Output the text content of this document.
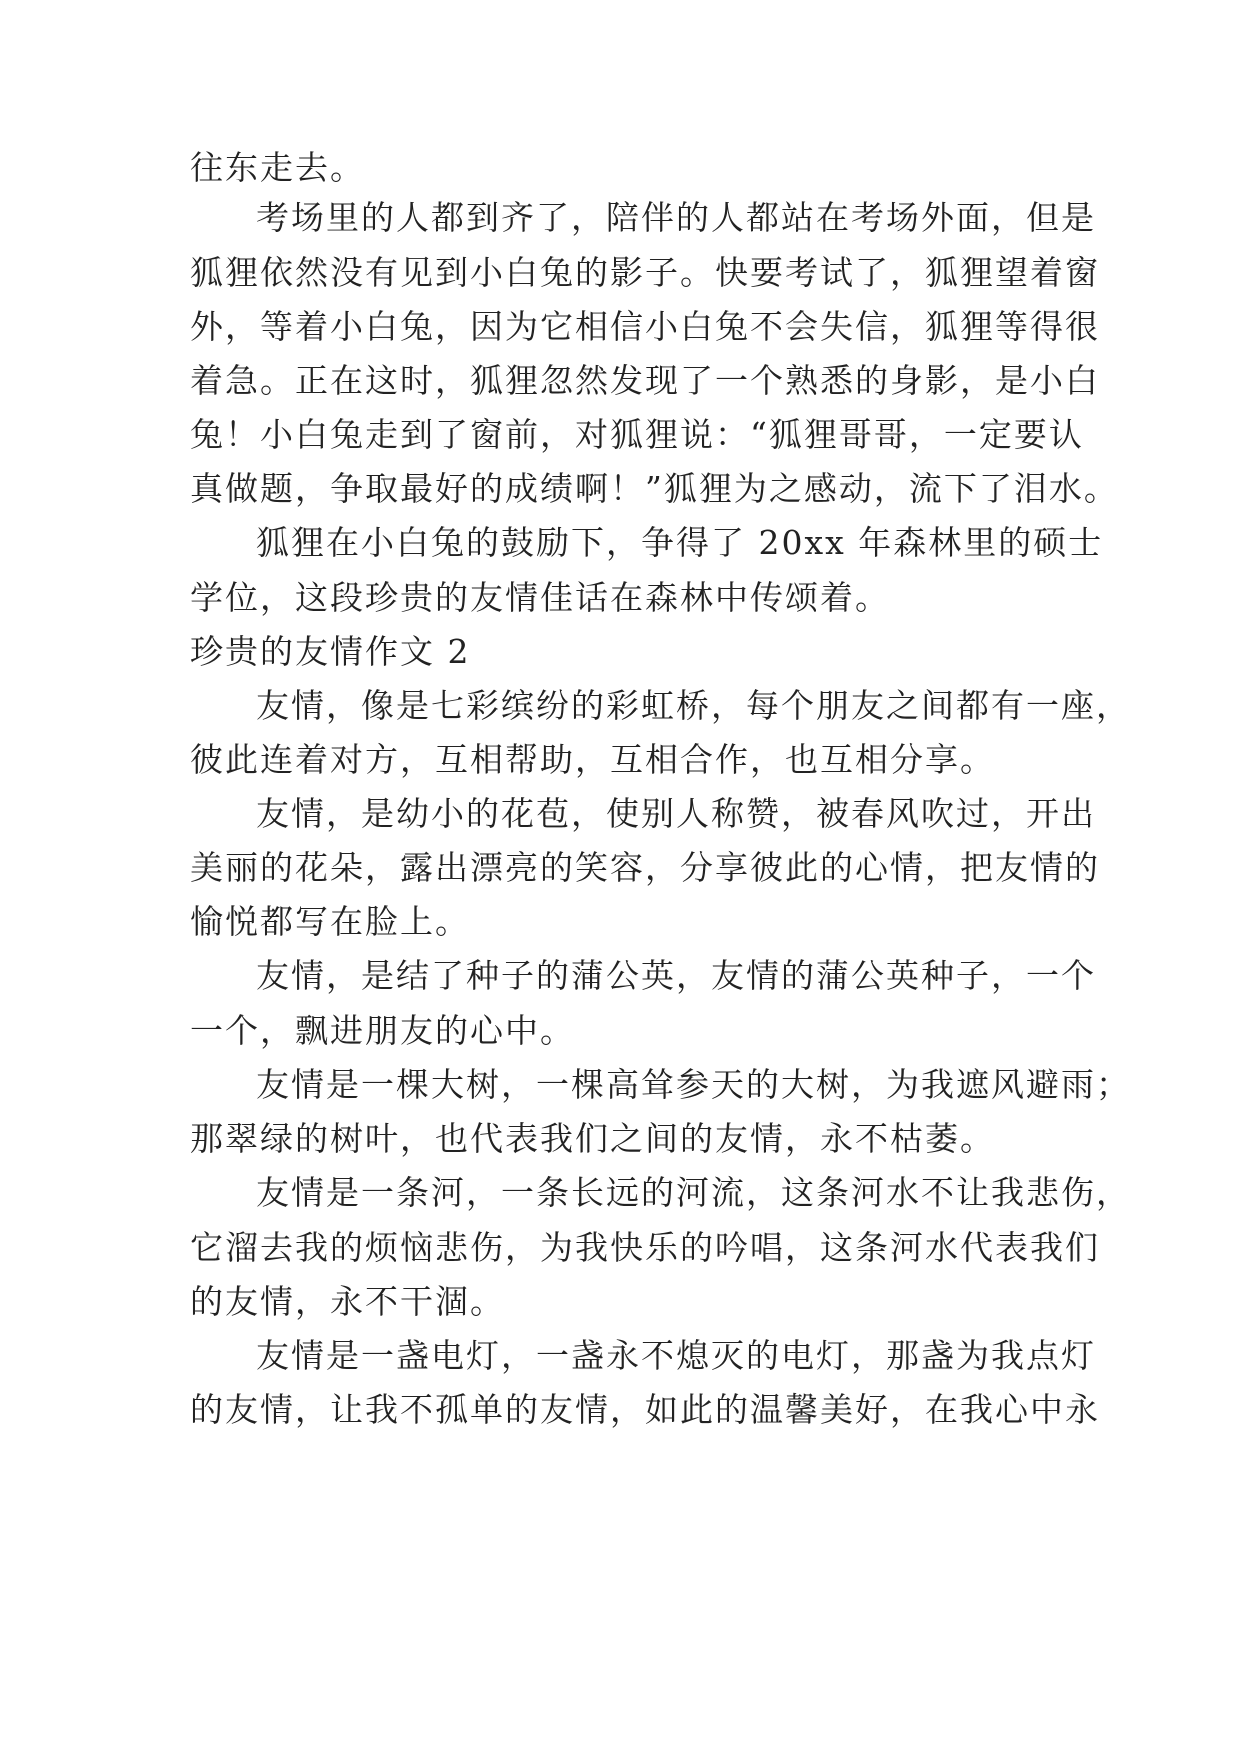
往东走去。
考场里的人都到齐了，陪伴的人都站在考场外面，但是
狐狸依然没有见到小白兔的影子。快要考试了，狐狸望着窗
外，等着小白兔，因为它相信小白兔不会失信，狐狸等得很
着急。正在这时，狐狸忽然发现了一个熟悉的身影，是小白
兔！小白兔走到了窗前，对狐狸说：“狐狸哥哥，一定要认
真做题，争取最好的成绩啊！”狐狸为之感动，流下了泪水。
狐狸在小白兔的鼓励下，争得了 20xx 年森林里的硕士
学位，这段珍贵的友情佳话在森林中传颂着。
珍贵的友情作文 2
友情，像是七彩缤纷的彩虹桥，每个朋友之间都有一座，
彼此连着对方，互相帮助，互相合作，也互相分享。
友情，是幼小的花苞，使别人称赞，被春风吹过，开出
美丽的花朵，露出漂亮的笑容，分享彼此的心情，把友情的
愉悦都写在脸上。
友情，是结了种子的蒲公英，友情的蒲公英种子，一个
一个，飘进朋友的心中。
友情是一棵大树，一棵高耸参天的大树，为我遮风避雨；
那翠绿的树叶，也代表我们之间的友情，永不枯萎。
友情是一条河，一条长远的河流，这条河水不让我悲伤，
它溜去我的烦恼悲伤，为我快乐的吟唱，这条河水代表我们
的友情，永不干涸。
友情是一盏电灯，一盏永不熄灭的电灯，那盏为我点灯
的友情，让我不孤单的友情，如此的温馨美好，在我心中永
